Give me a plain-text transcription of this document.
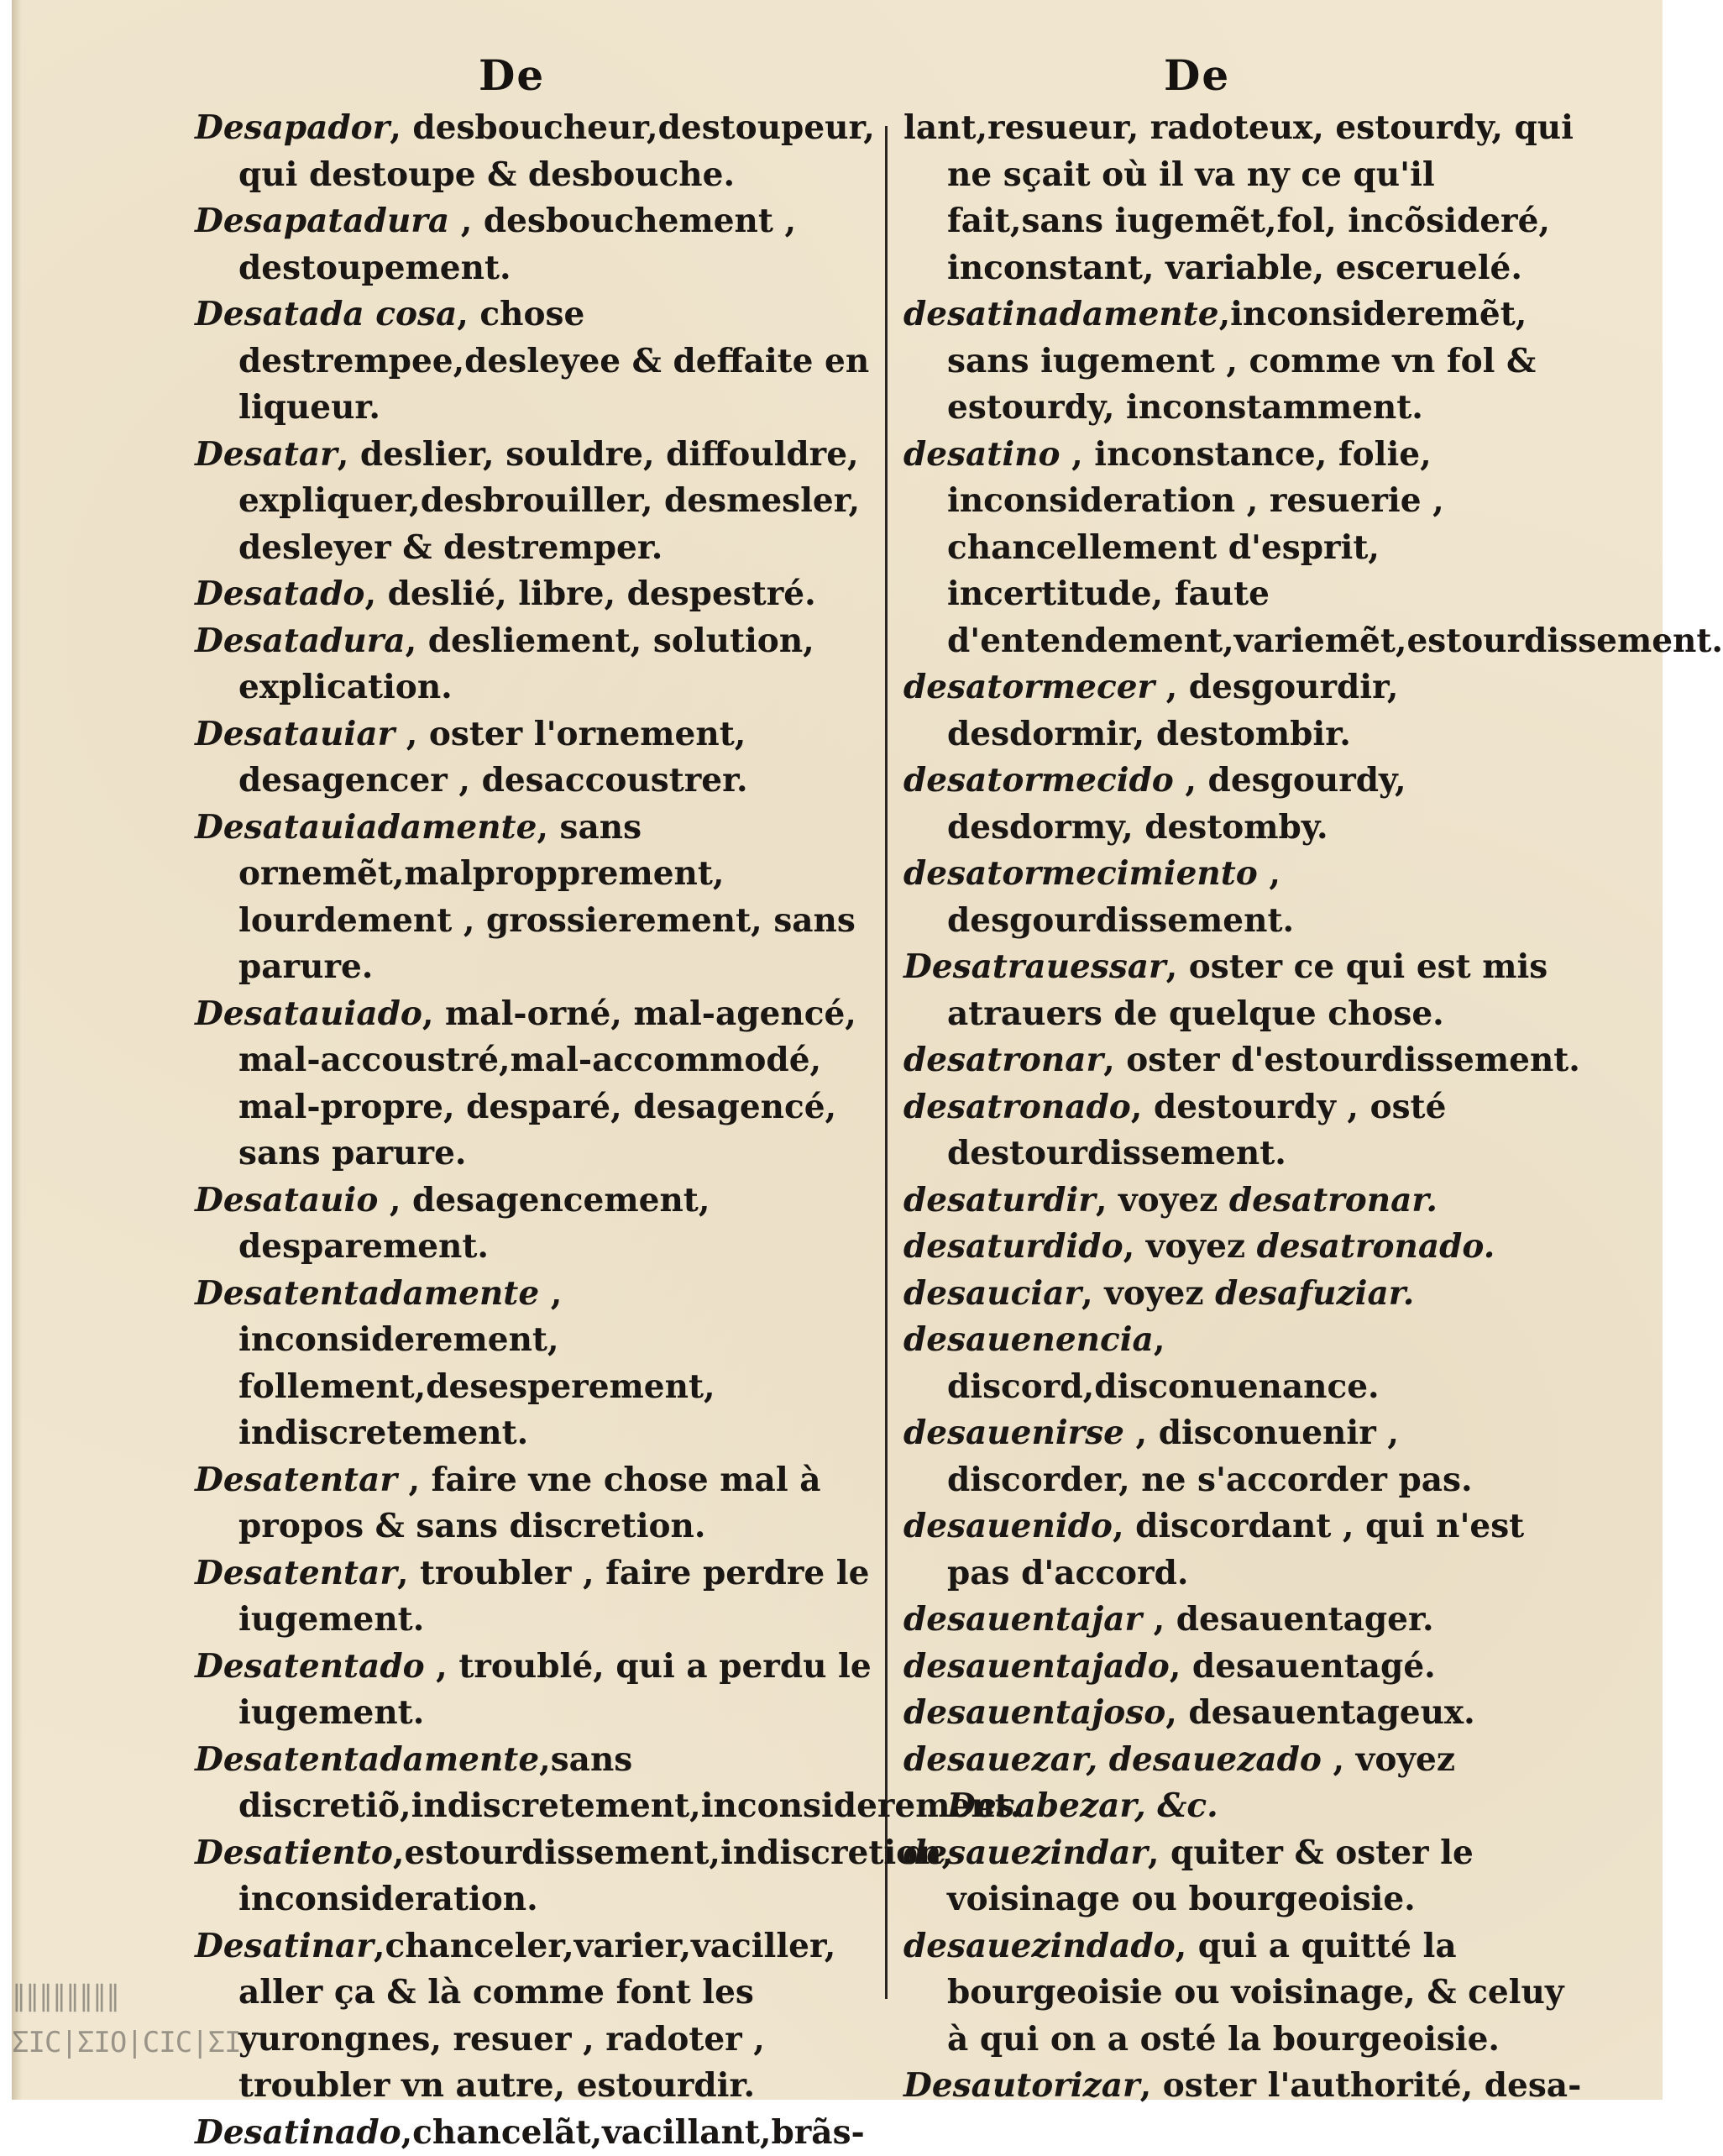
De	De

Desapador, desboucheur,destoupeur, qui destoupe & desbouche.

Desapatadura , desbouchement , destoupement.

Desatada cosa, chose destrempee,desleyee & deffaite en liqueur.

Desatar, deslier, souldre, diffouldre, expliquer,desbrouiller, desmesler, desleyer & destremper.

Desatado, deslié, libre, despestré.

Desatadura, desliement, solution, explication.

Desatauiar , oster l'ornement, desagencer , desaccoustrer.

Desatauiadamente, sans ornemẽt,malpropprement, lourdement , grossierement, sans parure.

Desatauiado, mal-orné, mal-agencé, mal-accoustré,mal-accommodé, mal-propre, desparé, desagencé, sans parure.

Desatauio , desagencement, desparement.

Desatentadamente , inconsiderement, follement,desesperement, indiscretement.

Desatentar , faire vne chose mal à propos & sans discretion.

Desatentar, troubler , faire perdre le iugement.

Desatentado , troublé, qui a perdu le iugement.

Desatentadamente,sans discretiõ,indiscretement,inconsiderement.

Desatiento,estourdissement,indiscretion, inconsideration.

Desatinar,chanceler,varier,vaciller, aller ça & là comme font les yurongnes, resuer , radoter , troubler vn autre, estourdir.

Desatinado,chancelãt,vacillant,brãs-

lant,resueur, radoteux, estourdy, qui ne sçait où il va ny ce qu'il fait,sans iugemẽt,fol, incõsideré, inconstant, variable, esceruelé.

desatinadamente,inconsideremẽt, sans iugement , comme vn fol & estourdy, inconstamment.

desatino , inconstance, folie, inconsideration , resuerie , chancellement d'esprit, incertitude, faute d'entendement,variemẽt,estourdissement.

desatormecer , desgourdir, desdormir, destombir.

desatormecido , desgourdy, desdormy, destomby.

desatormecimiento , desgourdissement.

Desatrauessar, oster ce qui est mis atrauers de quelque chose.

desatronar, oster d'estourdissement.

desatronado, destourdy , osté destourdissement.

desaturdir, voyez desatronar.

desaturdido, voyez desatronado.

desauciar, voyez desafuziar.

desauenencia, discord,disconuenance.

desauenirse , disconuenir , discorder, ne s'accorder pas.

desauenido, discordant , qui n'est pas d'accord.

desauentajar , desauentager.

desauentajado, desauentagé.

desauentajoso, desauentageux.

desauezar, desauezado , voyez Desabezar, &c.

desauezindar, quiter & oster le voisinage ou bourgeoisie.

desauezindado, qui a quitté la bourgeoisie ou voisinage, & celuy à qui on a osté la bourgeoisie.

Desautorizar, oster l'authorité, desa-

∥∥∥∥∥∥∥∥
ΣΙC∣ΣΙΟ∣CΙC∣ΣΙ
